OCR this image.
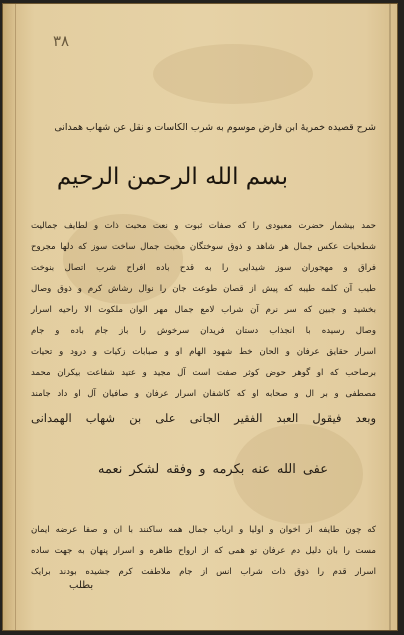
٣٨
شرح قصیده خمریۀ ابن فارض موسوم به شرب الکاسات و نقل عن شهاب همدانی
بسم الله الرحمن الرحیم
حمد بیشمار حضرت معبودی را که صفات ثبوت و نعت محبت ذات و لطایف جمالیت
شطحیات عکس جمال هر شاهد و ذوق سوختگان محبت جمال ساخت سوز که دلها مجروح
فراق و مهجوران سوز شیدایی را به قدح باده افراح شرب اتصال بنوخت
طیب آن کلمه طیبه که پیش از قصان طوعت جان را نوال رشاش کرم و ذوق وصال
بخشید و جبین که سر نرم آن شراب لامع جمال مهر الوان ملکوت الا راحیه اسرار
وصال رسیده با انجذاب دستان فریدان سرخوش را باز جام باده و جام
اسرار حقایق عرفان و الحان خط شهود الهام او و صبابات زکیات و درود و تحیات
برصاحب که او گوهر حوض کوثر صفت است آل مجید و عتید شفاعت بیکران محمد
مصطفی و بر ال و صحابه او که کاشفان اسرار عرفان و صافیان آل او داد جامند
وبعد فیقول العبد الفقیر الجانی علی بن شهاب الهمدانی
عفی الله عنه بکرمه و وفقه لشکر نعمه
که چون طایفه از اخوان و اولیا و ارباب جمال همه ساکنند با ان و صفا عرضه ایمان
مست را بان دلیل دم عرفان تو همی که از ارواح طاهره و اسرار پنهان به جهت ساده
اسرار قدم را ذوق ذات شراب انس از جام ملاطفت کرم جشیده بودند برایک
بطلب
